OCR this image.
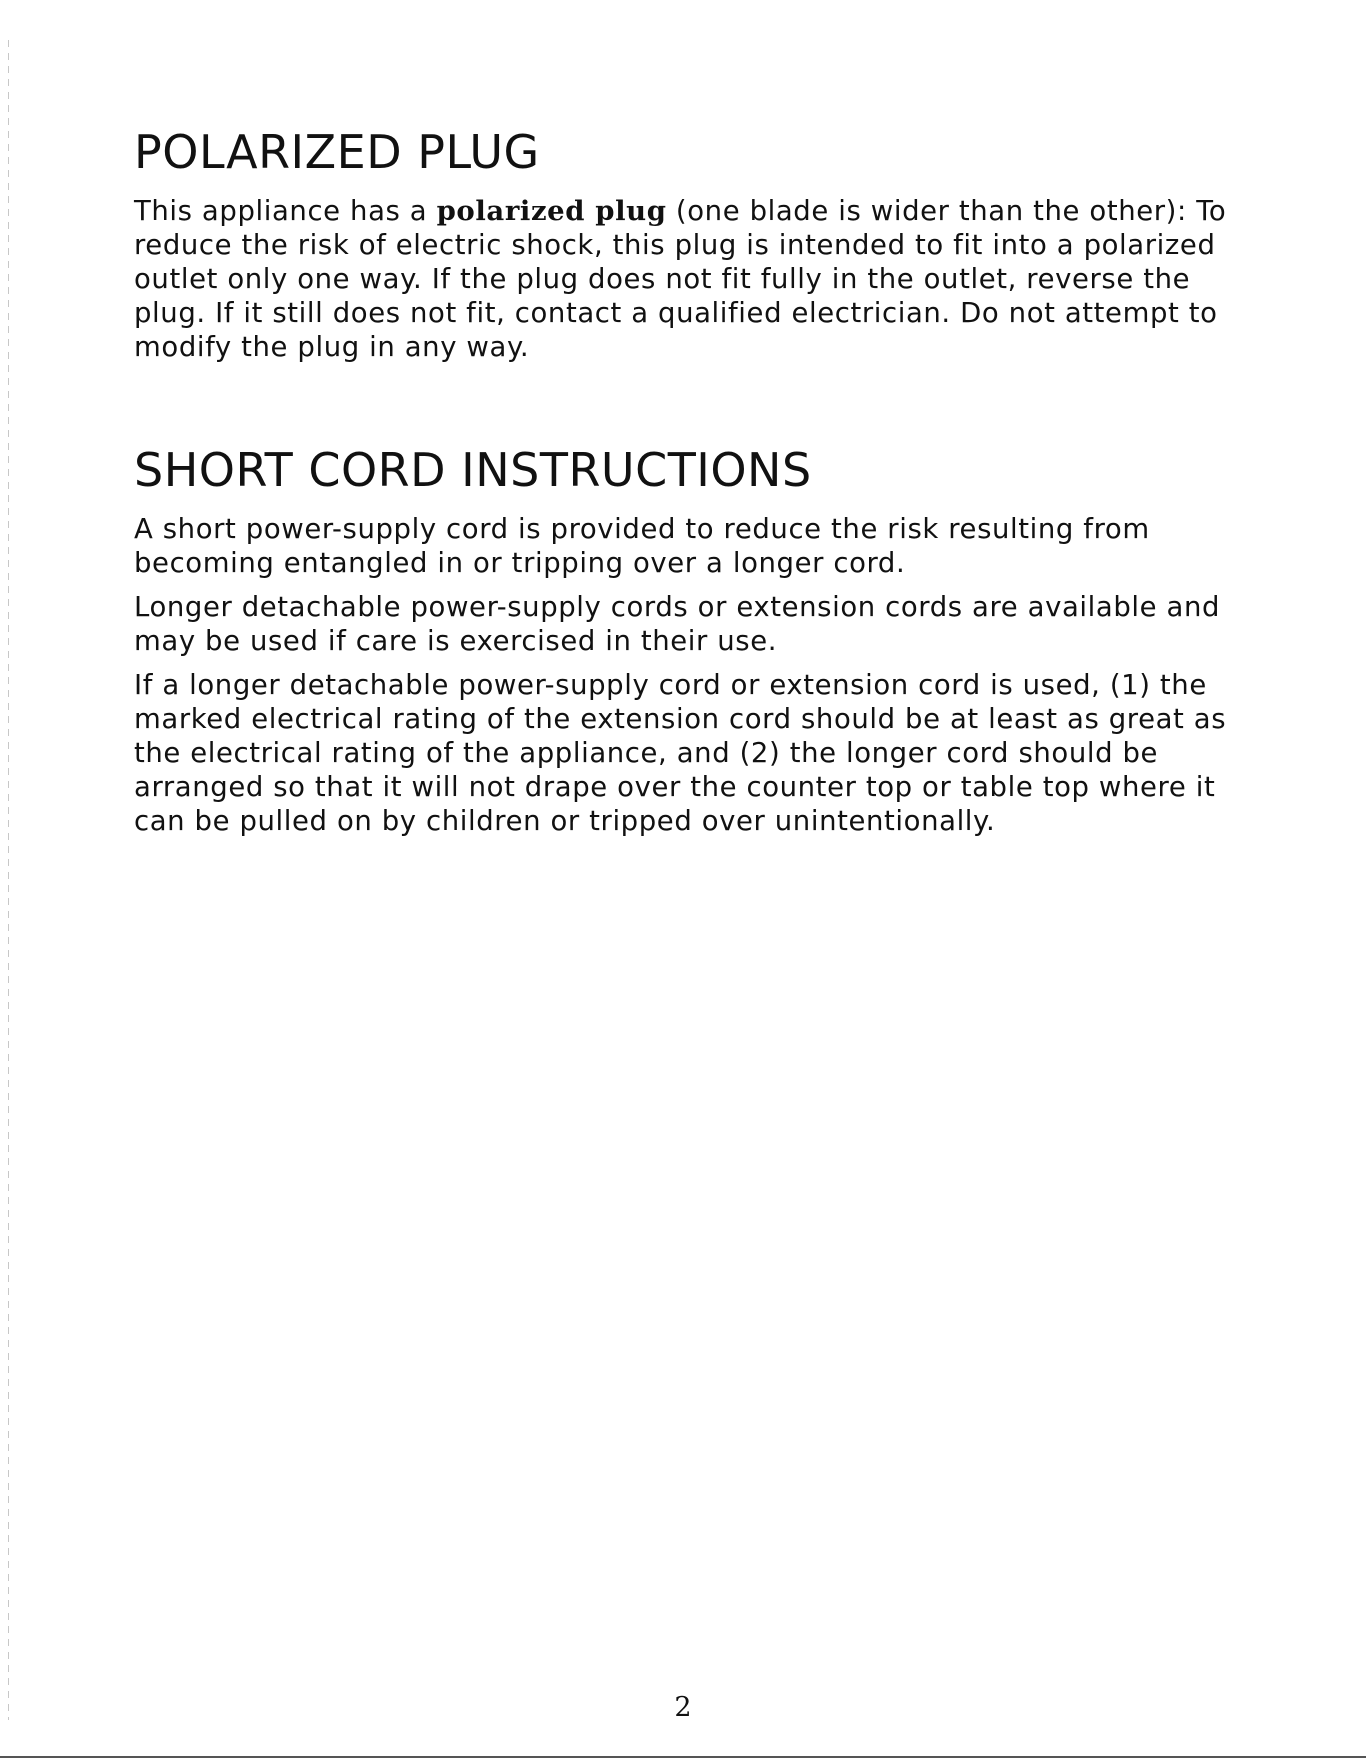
POLARIZED PLUG

This appliance has a polarized plug (one blade is wider than the other): To reduce the risk of electric shock, this plug is intended to fit into a polarized outlet only one way. If the plug does not fit fully in the outlet, reverse the plug. If it still does not fit, contact a qualified electrician. Do not attempt to modify the plug in any way.

SHORT CORD INSTRUCTIONS

A short power-supply cord is provided to reduce the risk resulting from becoming entangled in or tripping over a longer cord.

Longer detachable power-supply cords or extension cords are available and may be used if care is exercised in their use.

If a longer detachable power-supply cord or extension cord is used, (1) the marked electrical rating of the extension cord should be at least as great as the electrical rating of the appliance, and (2) the longer cord should be arranged so that it will not drape over the counter top or table top where it can be pulled on by children or tripped over unintentionally.

2
